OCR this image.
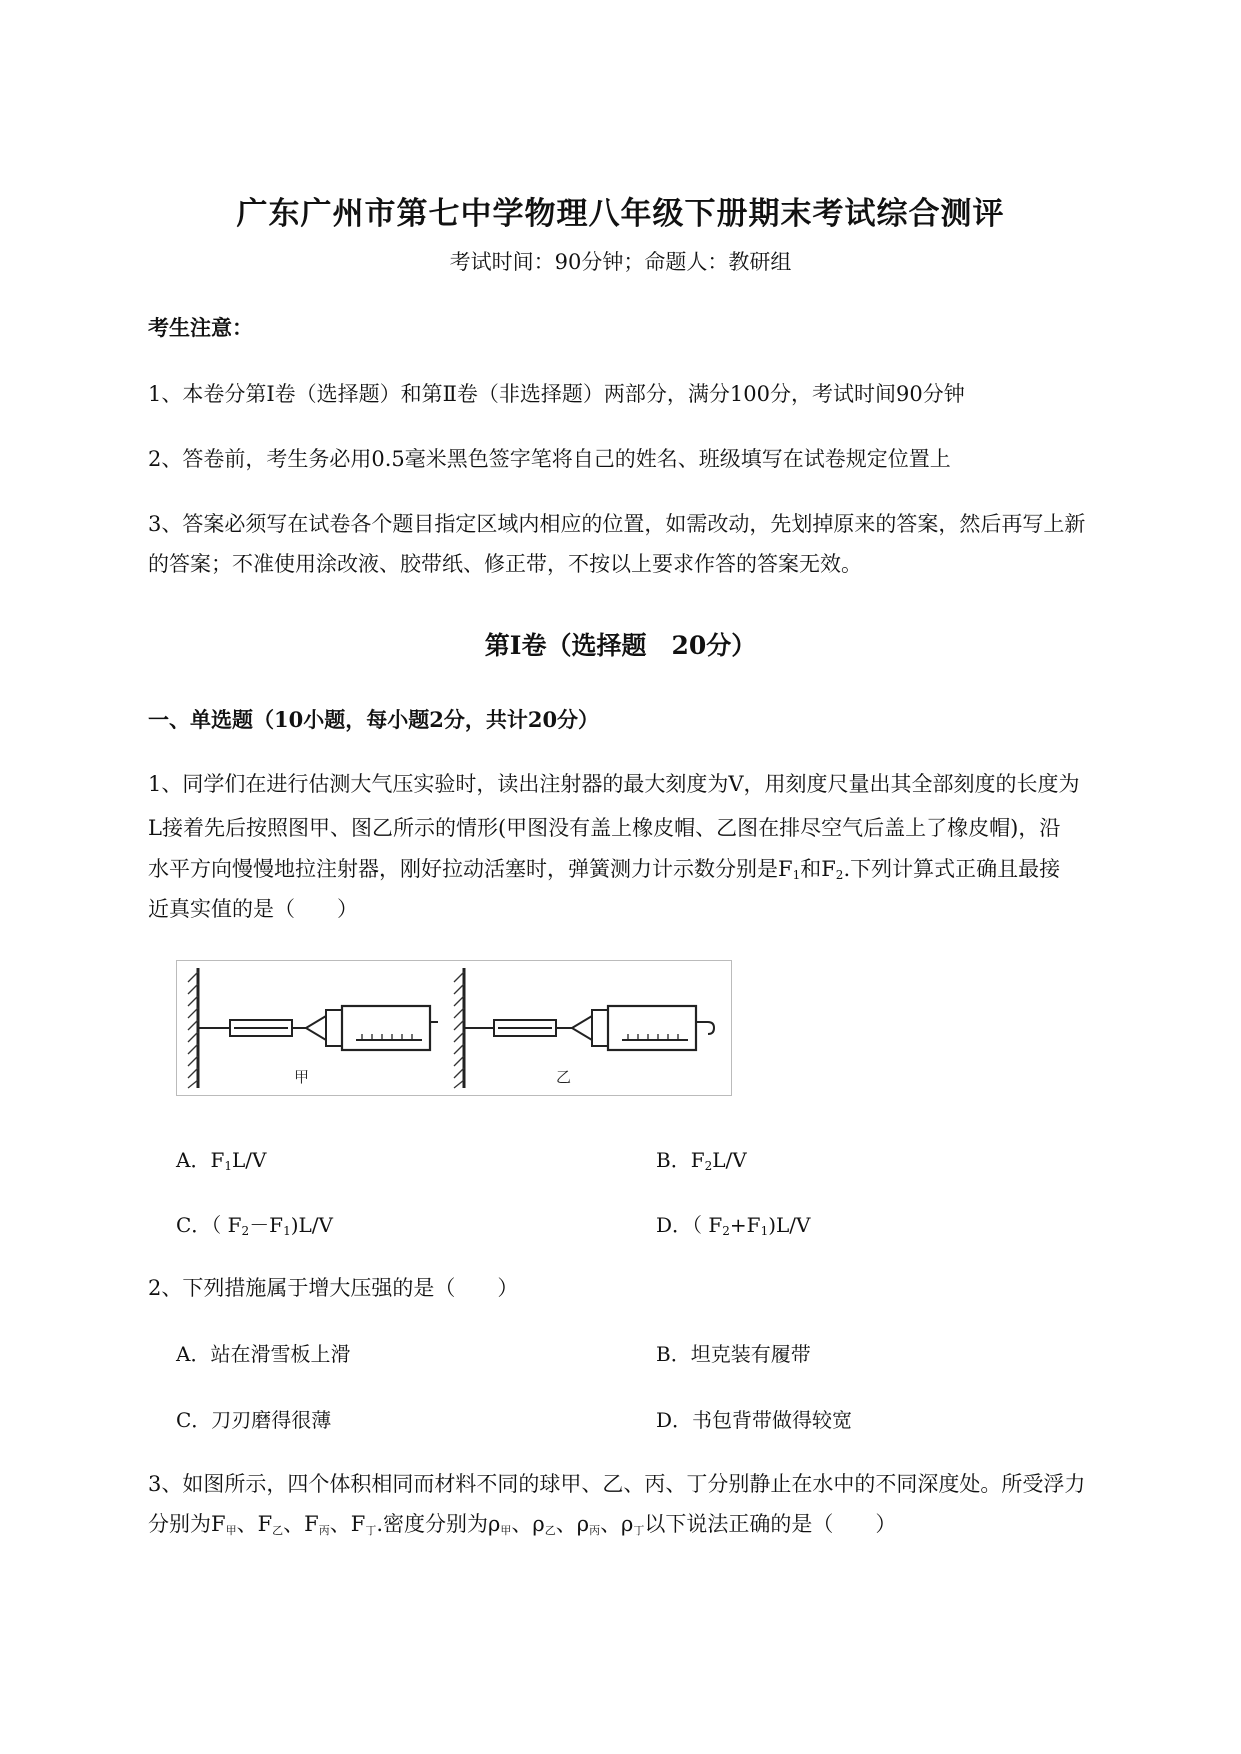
广东广州市第七中学物理八年级下册期末考试综合测评
考试时间：90分钟；命题人：教研组
考生注意：
1、本卷分第I卷（选择题）和第Ⅱ卷（非选择题）两部分，满分100分，考试时间90分钟
2、答卷前，考生务必用0.5毫米黑色签字笔将自己的姓名、班级填写在试卷规定位置上
3、答案必须写在试卷各个题目指定区域内相应的位置，如需改动，先划掉原来的答案，然后再写上新
的答案；不准使用涂改液、胶带纸、修正带，不按以上要求作答的答案无效。
第I卷（选择题　20分）
一、单选题（10小题，每小题2分，共计20分）
1、同学们在进行估测大气压实验时，读出注射器的最大刻度为V，用刻度尺量出其全部刻度的长度为
L接着先后按照图甲、图乙所示的情形(甲图没有盖上橡皮帽、乙图在排尽空气后盖上了橡皮帽)，沿
水平方向慢慢地拉注射器，刚好拉动活塞时，弹簧测力计示数分别是$F_1$和$F_2$.下列计算式正确且最接
近真实值的是（　　）
甲	乙
A．$F_1L/V$	B．$F_2L/V$
C．（ $F_2-F_1)L/V$	D．（ $F_2+F_1)L/V$
2、下列措施属于增大压强的是（　　）
A．站在滑雪板上滑	B．坦克装有履带
C．刀刃磨得很薄	D．书包背带做得较宽
3、如图所示，四个体积相同而材料不同的球甲、乙、丙、丁分别静止在水中的不同深度处。所受浮力
分别为$F_甲$、$F_乙$、$F_丙$、$F_丁$.密度分别为$\rho_甲$、$\rho_乙$、$\rho_丙$、$\rho_丁$以下说法正确的是（　　）
